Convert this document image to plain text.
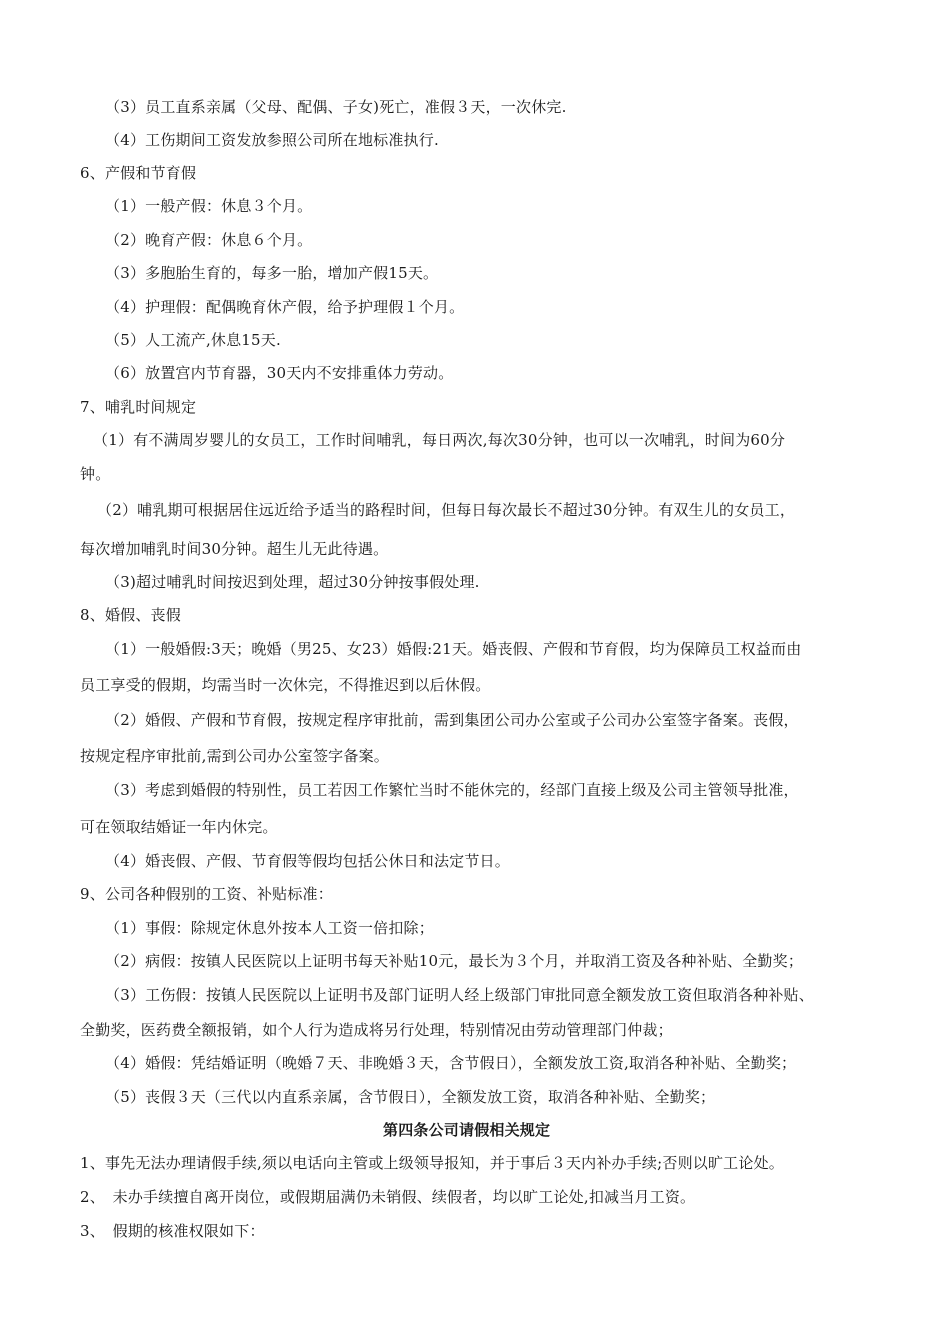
（3）员工直系亲属（父母、配偶、子女)死亡，准假３天，一次休完.
（4）工伤期间工资发放参照公司所在地标准执行.
6、产假和节育假
（1）一般产假：休息３个月。
（2）晚育产假：休息６个月。
（3）多胞胎生育的，每多一胎，增加产假15天。
（4）护理假：配偶晚育休产假，给予护理假１个月。
（5）人工流产,休息15天.
（6）放置宫内节育器，30天内不安排重体力劳动。
7、哺乳时间规定
（1）有不满周岁婴儿的女员工，工作时间哺乳，每日两次,每次30分钟，也可以一次哺乳，时间为60分
钟。
（2）哺乳期可根据居住远近给予适当的路程时间，但每日每次最长不超过30分钟。有双生儿的女员工，
每次增加哺乳时间30分钟。超生儿无此待遇。
（3)超过哺乳时间按迟到处理，超过30分钟按事假处理.
8、婚假、丧假
（1）一般婚假:3天；晚婚（男25、女23）婚假:21天。婚丧假、产假和节育假，均为保障员工权益而由
员工享受的假期，均需当时一次休完，不得推迟到以后休假。
（2）婚假、产假和节育假，按规定程序审批前，需到集团公司办公室或子公司办公室签字备案。丧假，
按规定程序审批前,需到公司办公室签字备案。
（3）考虑到婚假的特别性，员工若因工作繁忙当时不能休完的，经部门直接上级及公司主管领导批准，
可在领取结婚证一年内休完。
（4）婚丧假、产假、节育假等假均包括公休日和法定节日。
9、公司各种假别的工资、补贴标准：
（1）事假：除规定休息外按本人工资一倍扣除；
（2）病假：按镇人民医院以上证明书每天补贴10元，最长为３个月，并取消工资及各种补贴、全勤奖；
（3）工伤假：按镇人民医院以上证明书及部门证明人经上级部门审批同意全额发放工资但取消各种补贴、
全勤奖，医药费全额报销，如个人行为造成将另行处理，特别情况由劳动管理部门仲裁；
（4）婚假：凭结婚证明（晚婚７天、非晚婚３天，含节假日），全额发放工资,取消各种补贴、全勤奖；
（5）丧假３天（三代以内直系亲属，含节假日），全额发放工资，取消各种补贴、全勤奖；
第四条公司请假相关规定
1、事先无法办理请假手续,须以电话向主管或上级领导报知，并于事后３天内补办手续;否则以旷工论处。
2、　未办手续擅自离开岗位，或假期届满仍未销假、续假者，均以旷工论处,扣减当月工资。
3、　假期的核准权限如下：
